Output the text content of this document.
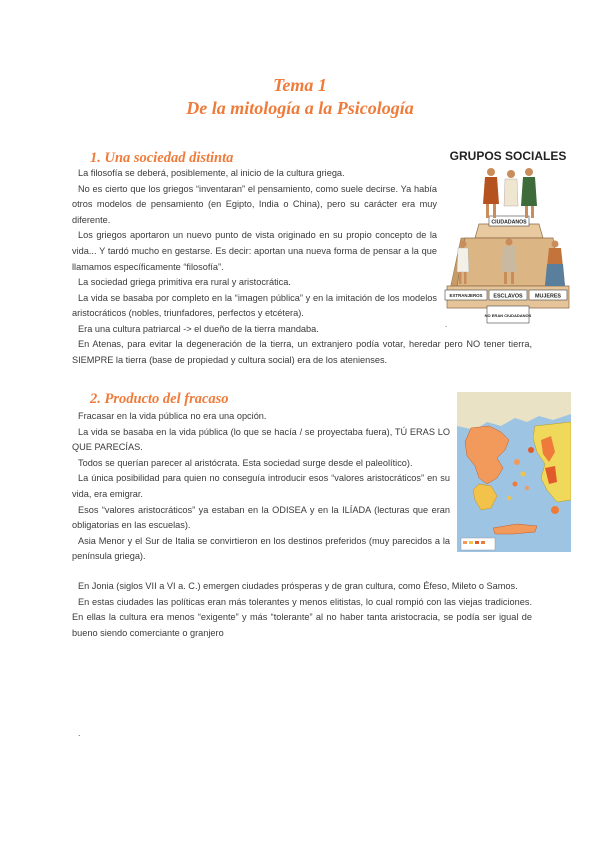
Tema 1
De la mitología a la Psicología
1. Una sociedad distinta
La filosofía se deberá, posiblemente, al inicio de la cultura griega.
No es cierto que los griegos “inventaran” el pensamiento, como suele decirse. Ya había otros modelos de pensamiento (en Egipto, India o China), pero su carácter era muy diferente.
Los griegos aportaron un nuevo punto de vista originado en su propio concepto de la vida... Y tardó mucho en gestarse. Es decir: aportan una nueva forma de pensar a la que llamamos específicamente “filosofía”.
La sociedad griega primitiva era rural y aristocrática.
La vida se basaba por completo en la “imagen pública” y en la imitación de los modelos aristocráticos (nobles, triunfadores, perfectos y etcétera).
Era una cultura patriarcal -> el dueño de la tierra mandaba.
En Atenas, para evitar la degeneración de la tierra, un extranjero podía votar, heredar pero NO tener tierra, SIEMPRE la tierra (base de propiedad y cultura social) era de los atenienses.
GRUPOS SOCIALES
CIUDADANOS
EXTRANJEROS ESCLAVOS MUJERES
NO ERAN CIUDADANOS
.
2. Producto del fracaso
Fracasar en la vida pública no era una opción.
La vida se basaba en la vida pública (lo que se hacía / se proyectaba fuera), TÚ ERAS LO QUE PARECÍAS.
Todos se querían parecer al aristócrata. Esta sociedad surge desde el paleolítico).
La única posibilidad para quien no conseguía introducir esos “valores aristocráticos” en su vida, era emigrar.
Esos “valores aristocráticos” ya estaban en la ODISEA y en la ILÍADA (lecturas que eran obligatorias en las escuelas).
Asia Menor y el Sur de Italia se convirtieron en los destinos preferidos (muy parecidos a la península griega).
En Jonia (siglos VII a VI a. C.) emergen ciudades prósperas y de gran cultura, como Éfeso, Mileto o Samos.
En estas ciudades las políticas eran más tolerantes y menos elitistas, lo cual rompió con las viejas tradiciones. En ellas la cultura era menos “exigente” y más “tolerante” al no haber tanta aristocracia, se podía ser igual de bueno siendo comerciante o granjero
.
